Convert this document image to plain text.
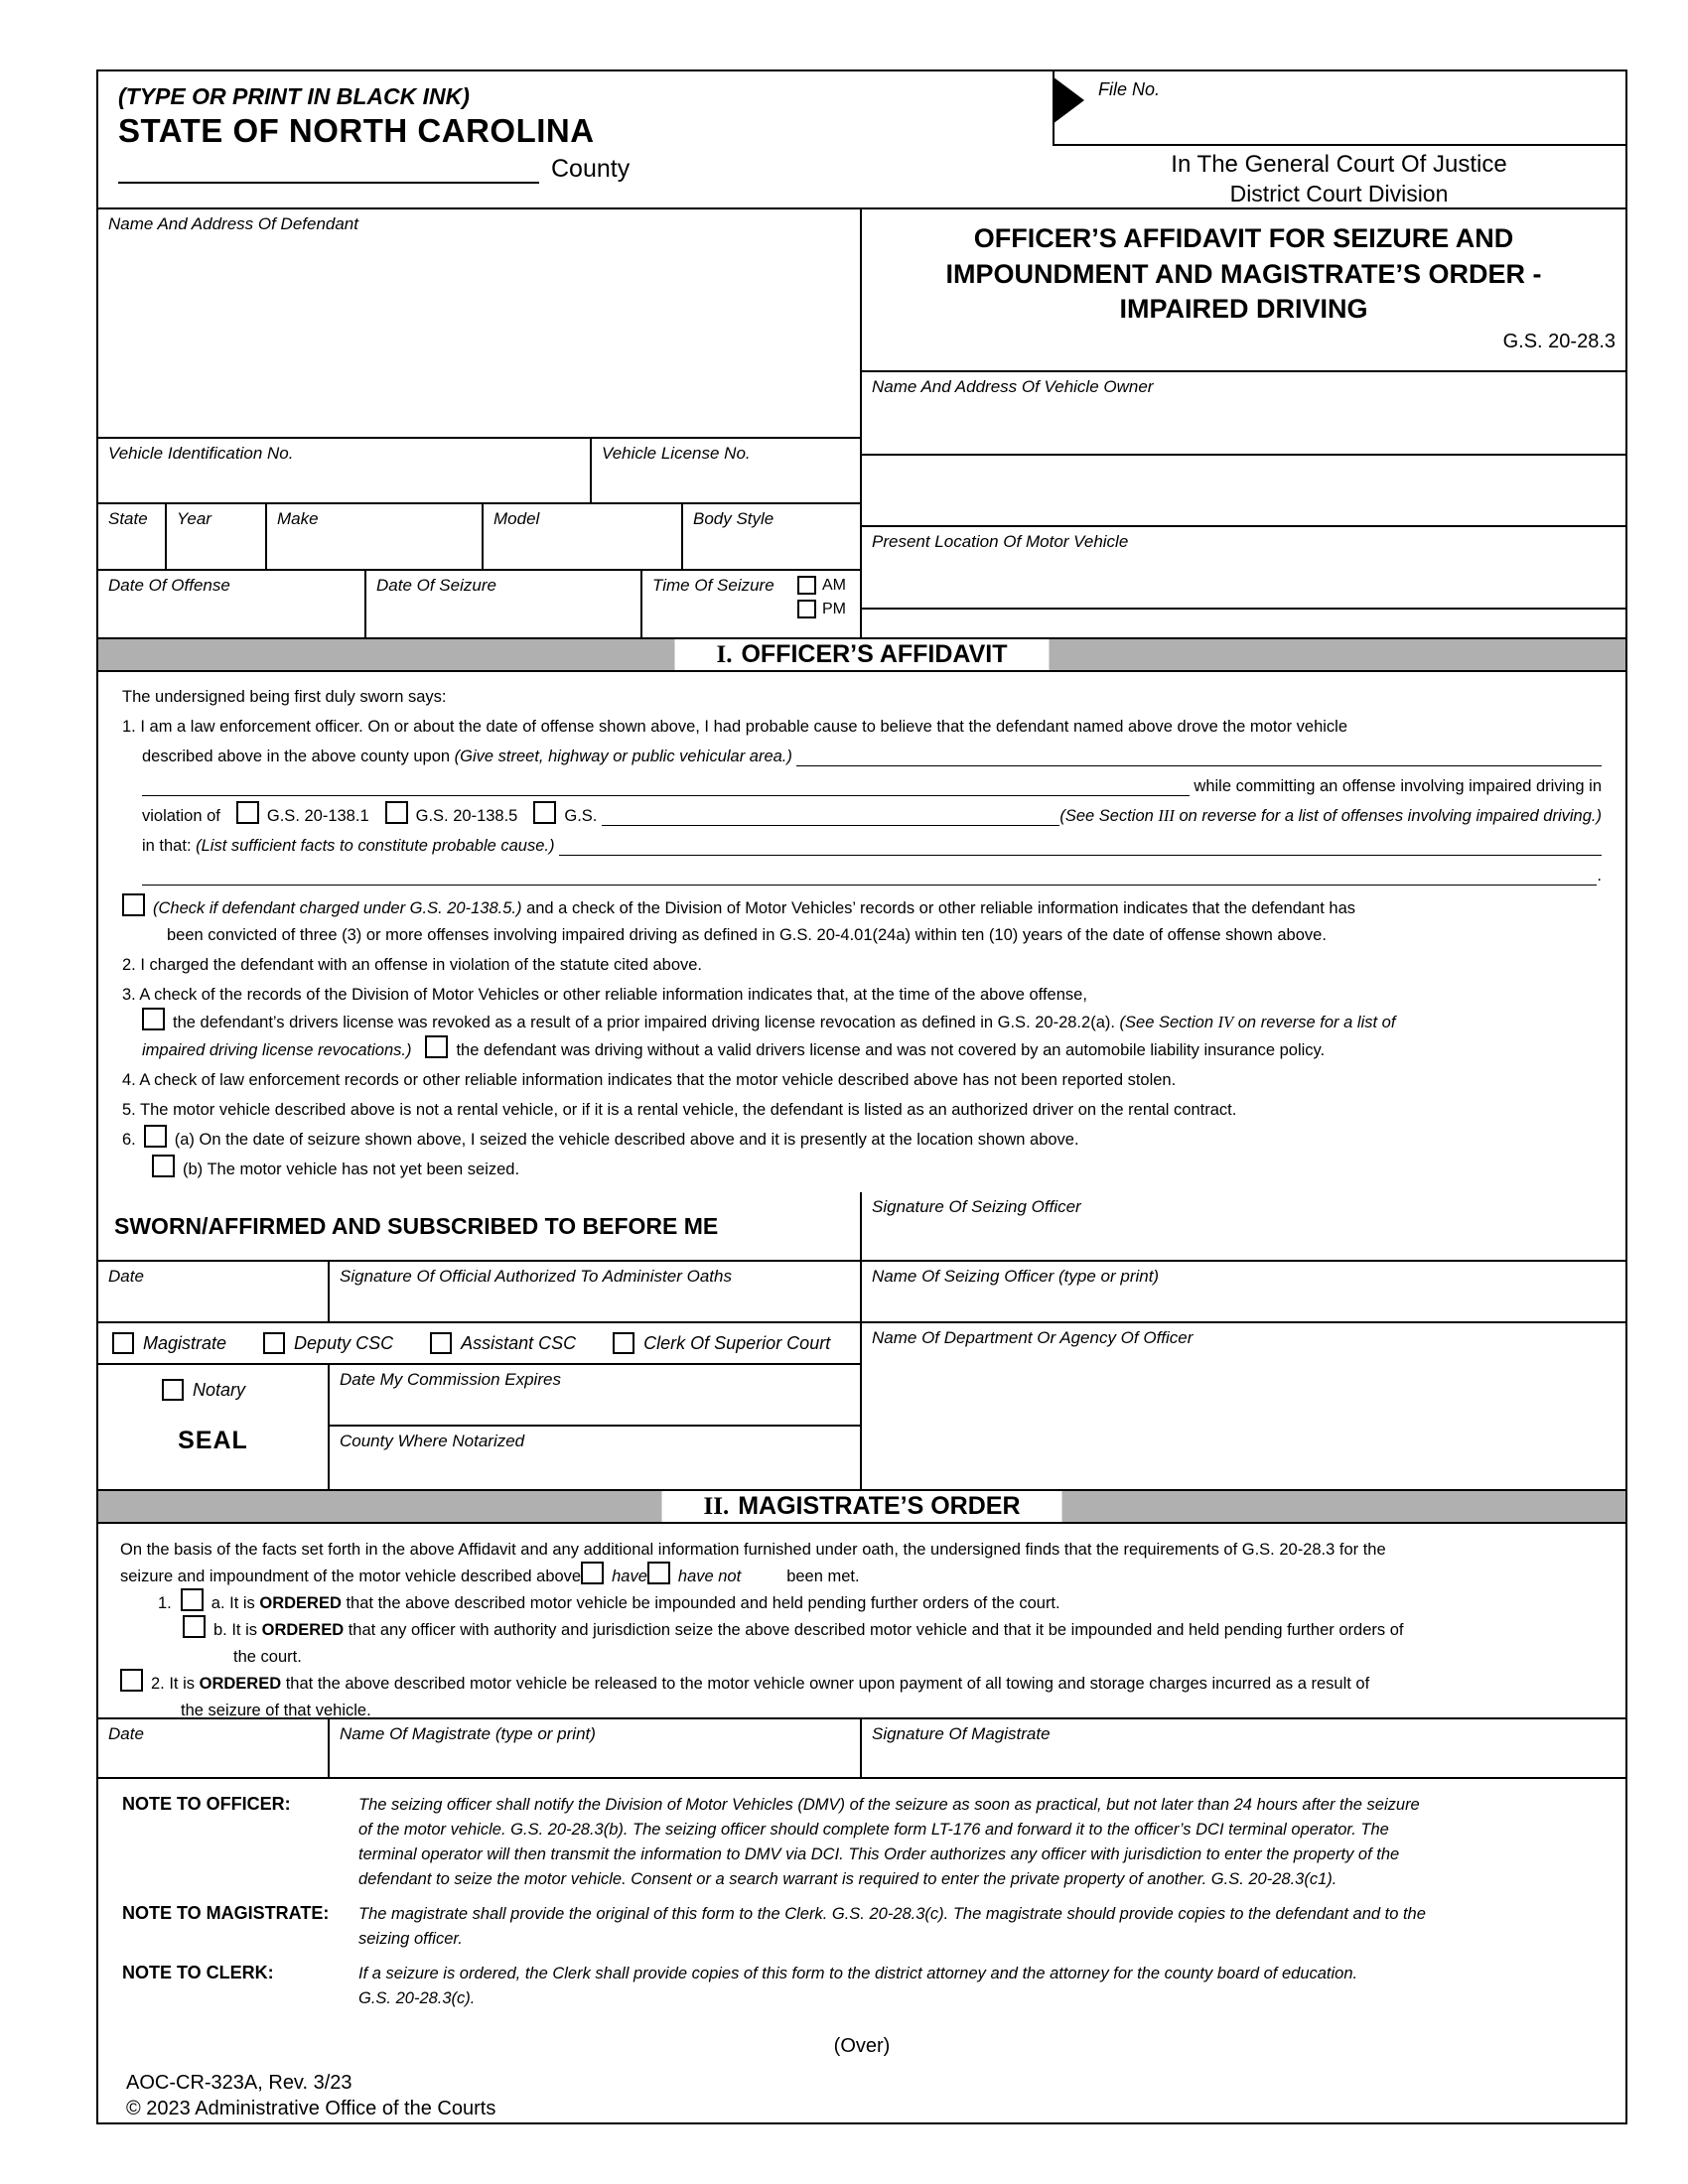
(TYPE OR PRINT IN BLACK INK)
STATE OF NORTH CAROLINA
County
File No.
In The General Court Of Justice
District Court Division
Name And Address Of Defendant
Vehicle Identification No.	Vehicle License No.
State	Year	Make	Model	Body Style
Date Of Offense	Date Of Seizure	Time Of Seizure	AM
PM
OFFICER’S AFFIDAVIT FOR SEIZURE AND
IMPOUNDMENT AND MAGISTRATE’S ORDER -
IMPAIRED DRIVING
G.S. 20-28.3
Name And Address Of Vehicle Owner
Present Location Of Motor Vehicle
I. OFFICER’S AFFIDAVIT
The undersigned being first duly sworn says:
1. I am a law enforcement officer. On or about the date of offense shown above, I had probable cause to believe that the defendant named above drove the motor vehicle
described above in the above county upon (Give street, highway or public vehicular area.)
while committing an offense involving impaired driving in
violation of	G.S. 20-138.1	G.S. 20-138.5	G.S.	(See Section III on reverse for a list of offenses involving impaired driving.)
in that: (List sufficient facts to constitute probable cause.)
.
(Check if defendant charged under G.S. 20-138.5.) and a check of the Division of Motor Vehicles’ records or other reliable information indicates that the defendant has
been convicted of three (3) or more offenses involving impaired driving as defined in G.S. 20-4.01(24a) within ten (10) years of the date of offense shown above.
2. I charged the defendant with an offense in violation of the statute cited above.
3. A check of the records of the Division of Motor Vehicles or other reliable information indicates that, at the time of the above offense,
the defendant’s drivers license was revoked as a result of a prior impaired driving license revocation as defined in G.S. 20-28.2(a). (See Section IV on reverse for a list of
impaired driving license revocations.)	the defendant was driving without a valid drivers license and was not covered by an automobile liability insurance policy.
4. A check of law enforcement records or other reliable information indicates that the motor vehicle described above has not been reported stolen.
5. The motor vehicle described above is not a rental vehicle, or if it is a rental vehicle, the defendant is listed as an authorized driver on the rental contract.
6. (a) On the date of seizure shown above, I seized the vehicle described above and it is presently at the location shown above.
(b) The motor vehicle has not yet been seized.
SWORN/AFFIRMED AND SUBSCRIBED TO BEFORE ME
Date	Signature Of Official Authorized To Administer Oaths
Magistrate	Deputy CSC	Assistant CSC	Clerk Of Superior Court
Notary
SEAL
Date My Commission Expires
County Where Notarized
Signature Of Seizing Officer
Name Of Seizing Officer (type or print)
Name Of Department Or Agency Of Officer
II. MAGISTRATE’S ORDER
On the basis of the facts set forth in the above Affidavit and any additional information furnished under oath, the undersigned finds that the requirements of G.S. 20-28.3 for the
seizure and impoundment of the motor vehicle described above have have not	been met.
1. a. It is ORDERED that the above described motor vehicle be impounded and held pending further orders of the court.
b. It is ORDERED that any officer with authority and jurisdiction seize the above described motor vehicle and that it be impounded and held pending further orders of
the court.
2. It is ORDERED that the above described motor vehicle be released to the motor vehicle owner upon payment of all towing and storage charges incurred as a result of
the seizure of that vehicle.
Date	Name Of Magistrate (type or print)	Signature Of Magistrate
NOTE TO OFFICER:	The seizing officer shall notify the Division of Motor Vehicles (DMV) of the seizure as soon as practical, but not later than 24 hours after the seizure
of the motor vehicle. G.S. 20-28.3(b). The seizing officer should complete form LT-176 and forward it to the officer’s DCI terminal operator. The
terminal operator will then transmit the information to DMV via DCI. This Order authorizes any officer with jurisdiction to enter the property of the
defendant to seize the motor vehicle. Consent or a search warrant is required to enter the private property of another. G.S. 20-28.3(c1).
NOTE TO MAGISTRATE:	The magistrate shall provide the original of this form to the Clerk. G.S. 20-28.3(c). The magistrate should provide copies to the defendant and to the
seizing officer.
NOTE TO CLERK:	If a seizure is ordered, the Clerk shall provide copies of this form to the district attorney and the attorney for the county board of education.
G.S. 20-28.3(c).
(Over)
AOC-CR-323A, Rev. 3/23
© 2023 Administrative Office of the Courts
